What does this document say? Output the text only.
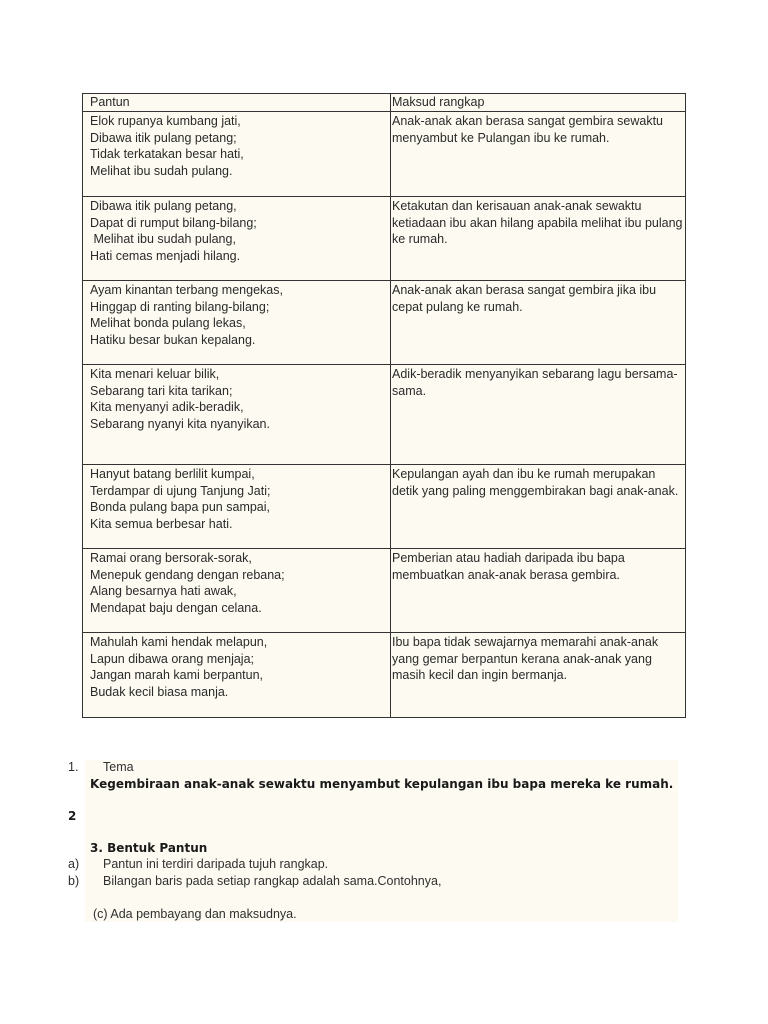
Pantun	Maksud rangkap

Elok rupanya kumbang jati,
Dibawa itik pulang petang;
Tidak terkatakan besar hati,
Melihat ibu sudah pulang.	Anak-anak akan berasa sangat gembira sewaktu menyambut ke Pulangan ibu ke rumah.

Dibawa itik pulang petang,
Dapat di rumput bilang-bilang;
Melihat ibu sudah pulang,
Hati cemas menjadi hilang.	Ketakutan dan kerisauan anak-anak sewaktu ketiadaan ibu akan hilang apabila melihat ibu pulang ke rumah.

Ayam kinantan terbang mengekas,
Hinggap di ranting bilang-bilang;
Melihat bonda pulang lekas,
Hatiku besar bukan kepalang.	Anak-anak akan berasa sangat gembira jika ibu cepat pulang ke rumah.

Kita menari keluar bilik,
Sebarang tari kita tarikan;
Kita menyanyi adik-beradik,
Sebarang nyanyi kita nyanyikan.	Adik-beradik menyanyikan sebarang lagu bersama-sama.

Hanyut batang berlilit kumpai,
Terdampar di ujung Tanjung Jati;
Bonda pulang bapa pun sampai,
Kita semua berbesar hati.	Kepulangan ayah dan ibu ke rumah merupakan detik yang paling menggembirakan bagi anak-anak.

Ramai orang bersorak-sorak,
Menepuk gendang dengan rebana;
Alang besarnya hati awak,
Mendapat baju dengan celana.	Pemberian atau hadiah daripada ibu bapa membuatkan anak-anak berasa gembira.

Mahulah kami hendak melapun,
Lapun dibawa orang menjaja;
Jangan marah kami berpantun,
Budak kecil biasa manja.	Ibu bapa tidak sewajarnya memarahi anak-anak yang gemar berpantun kerana anak-anak yang masih kecil dan ingin bermanja.
1. Tema
Kegembiraan anak-anak sewaktu menyambut kepulangan ibu bapa mereka ke rumah.
2
3. Bentuk Pantun
a) Pantun ini terdiri daripada tujuh rangkap.
b) Bilangan baris pada setiap rangkap adalah sama.Contohnya,
(c) Ada pembayang dan maksudnya.
